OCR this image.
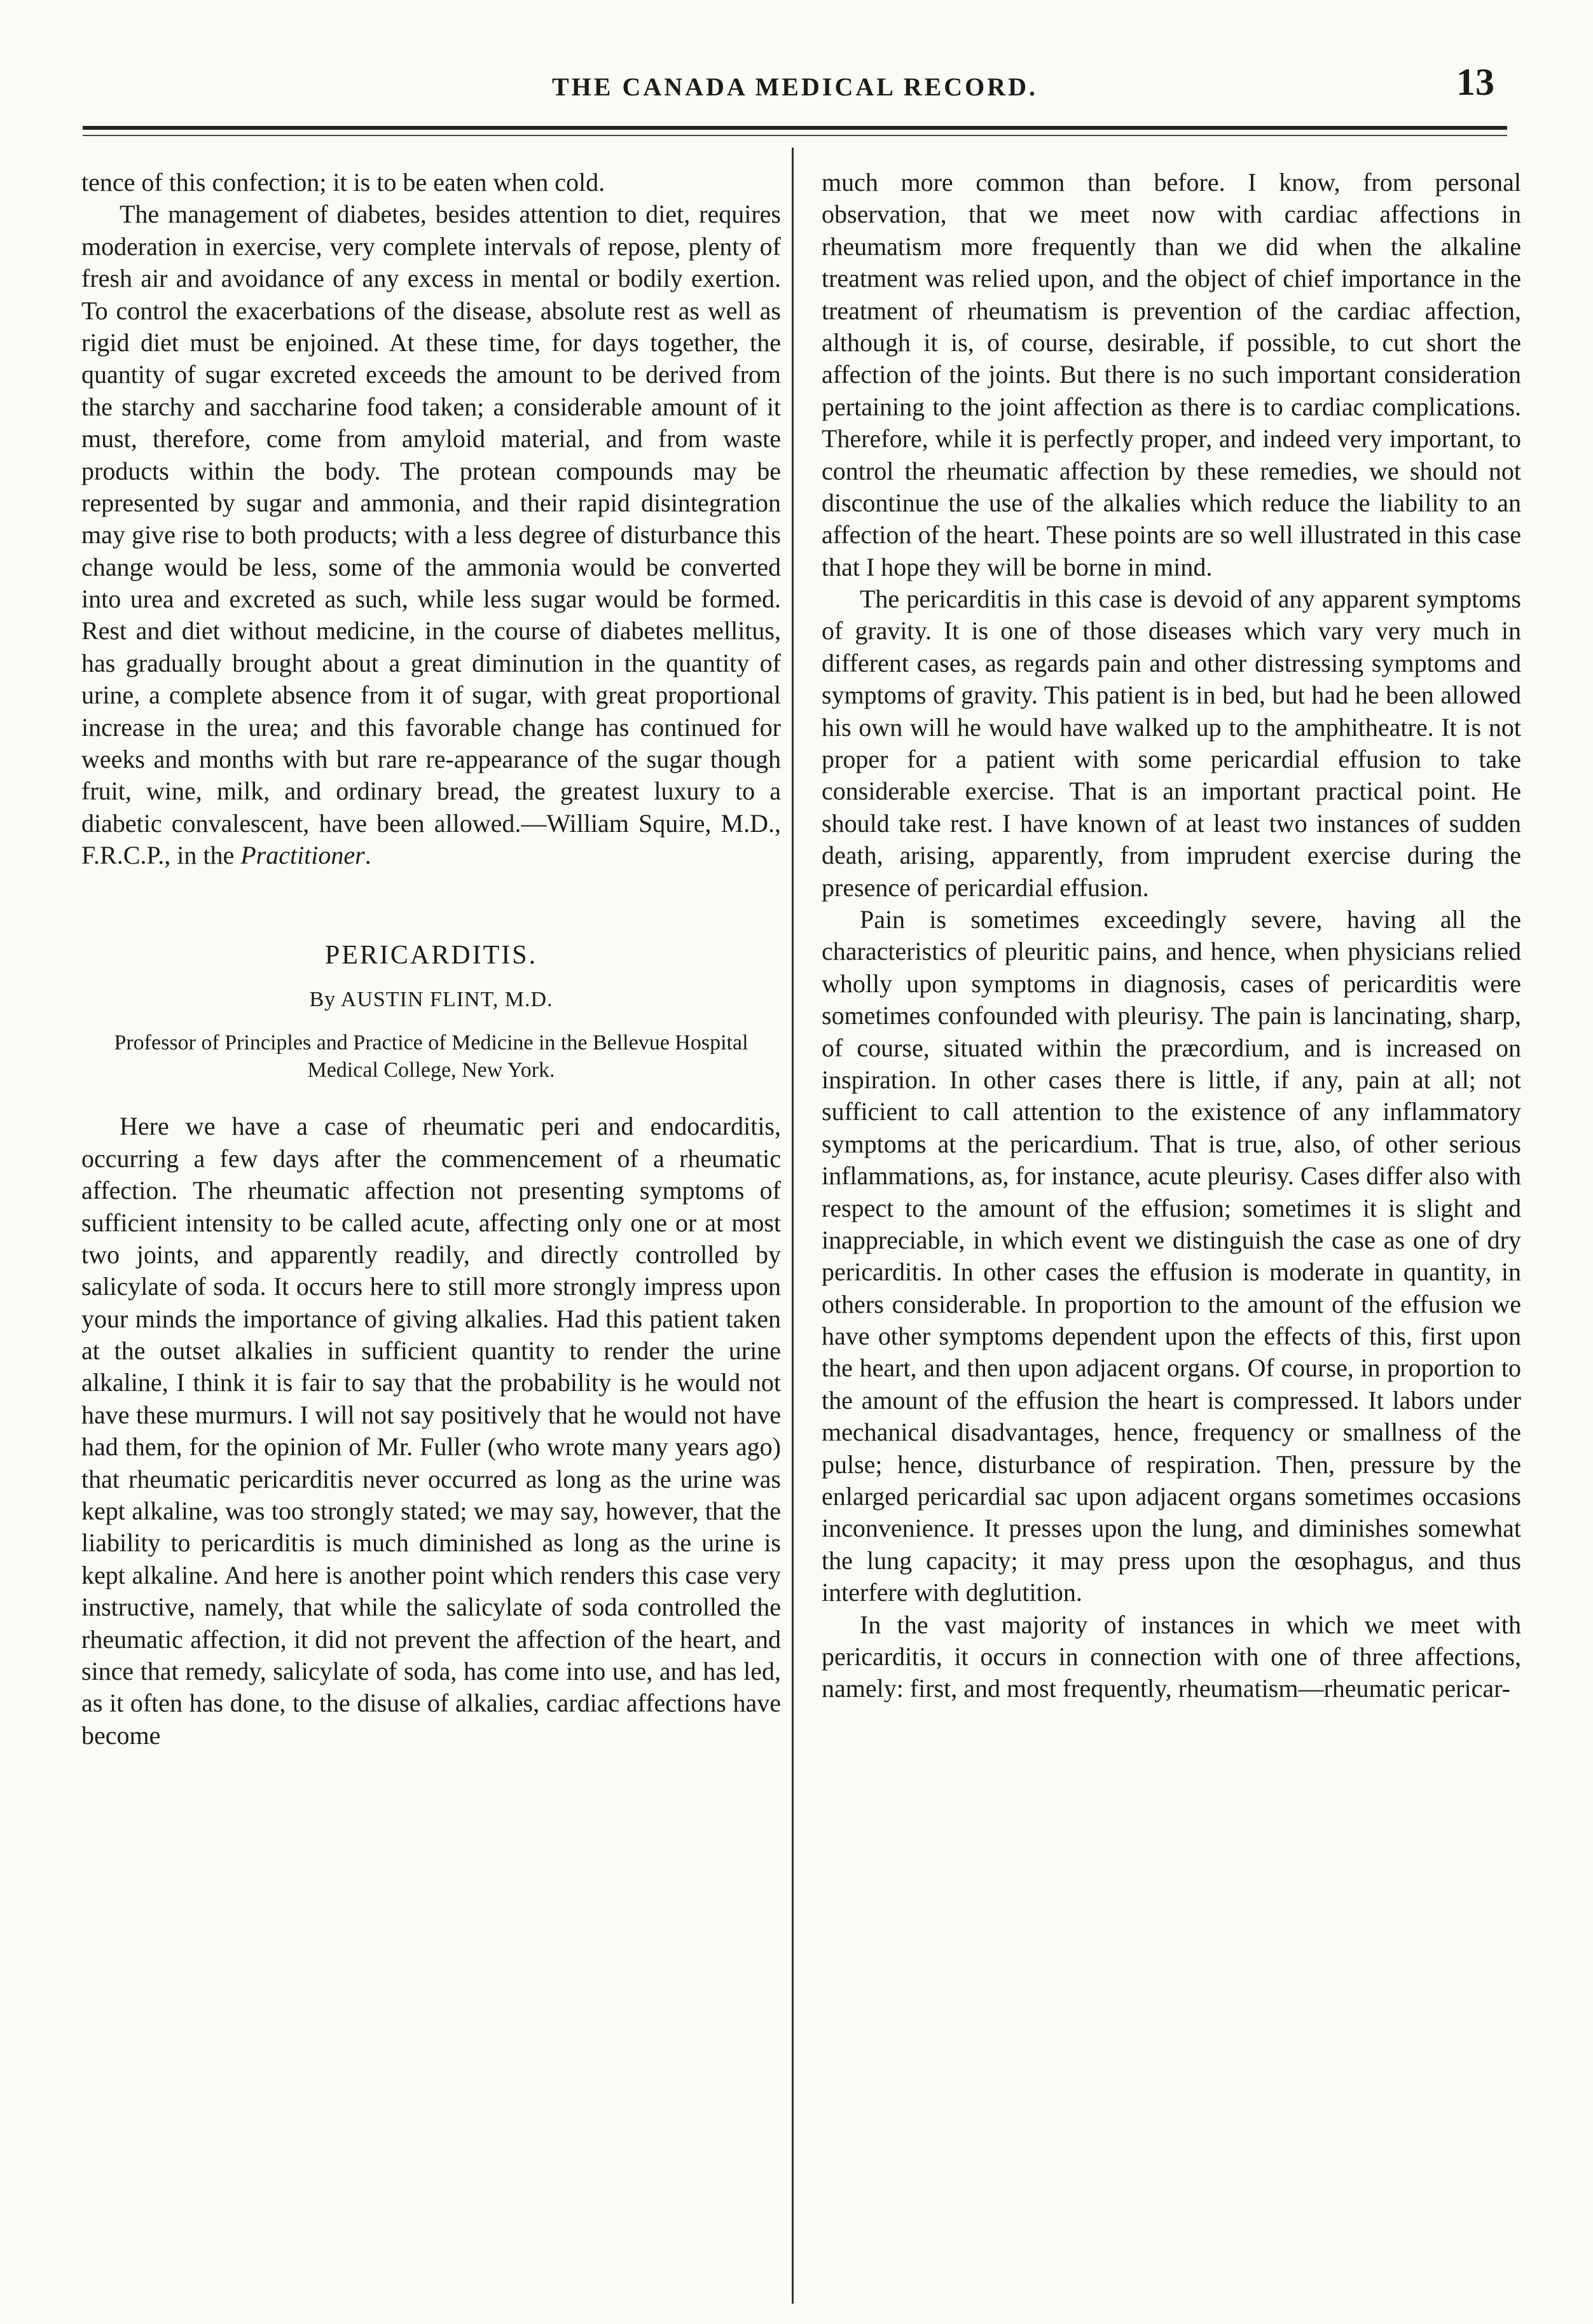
THE CANADA MEDICAL RECORD.	13

tence of this confection; it is to be eaten when cold.

The management of diabetes, besides attention to diet, requires moderation in exercise, very complete intervals of repose, plenty of fresh air and avoidance of any excess in mental or bodily exertion. To control the exacerbations of the disease, absolute rest as well as rigid diet must be enjoined. At these time, for days together, the quantity of sugar excreted exceeds the amount to be derived from the starchy and saccharine food taken; a considerable amount of it must, therefore, come from amyloid material, and from waste products within the body. The protean compounds may be represented by sugar and ammonia, and their rapid disintegration may give rise to both products; with a less degree of disturbance this change would be less, some of the ammonia would be converted into urea and excreted as such, while less sugar would be formed. Rest and diet without medicine, in the course of diabetes mellitus, has gradually brought about a great diminution in the quantity of urine, a complete absence from it of sugar, with great proportional increase in the urea; and this favorable change has continued for weeks and months with but rare re-appearance of the sugar though fruit, wine, milk, and ordinary bread, the greatest luxury to a diabetic convalescent, have been allowed.—William Squire, M.D., F.R.C.P., in the Practitioner.

PERICARDITIS.
By AUSTIN FLINT, M.D.
Professor of Principles and Practice of Medicine in the Bellevue Hospital Medical College, New York.

Here we have a case of rheumatic peri and endocarditis, occurring a few days after the commencement of a rheumatic affection. The rheumatic affection not presenting symptoms of sufficient intensity to be called acute, affecting only one or at most two joints, and apparently readily, and directly controlled by salicylate of soda. It occurs here to still more strongly impress upon your minds the importance of giving alkalies. Had this patient taken at the outset alkalies in sufficient quantity to render the urine alkaline, I think it is fair to say that the probability is he would not have these murmurs. I will not say positively that he would not have had them, for the opinion of Mr. Fuller (who wrote many years ago) that rheumatic pericarditis never occurred as long as the urine was kept alkaline, was too strongly stated; we may say, however, that the liability to pericarditis is much diminished as long as the urine is kept alkaline. And here is another point which renders this case very instructive, namely, that while the salicylate of soda controlled the rheumatic affection, it did not prevent the affection of the heart, and since that remedy, salicylate of soda, has come into use, and has led, as it often has done, to the disuse of alkalies, cardiac affections have become

much more common than before. I know, from personal observation, that we meet now with cardiac affections in rheumatism more frequently than we did when the alkaline treatment was relied upon, and the object of chief importance in the treatment of rheumatism is prevention of the cardiac affection, although it is, of course, desirable, if possible, to cut short the affection of the joints. But there is no such important consideration pertaining to the joint affection as there is to cardiac complications. Therefore, while it is perfectly proper, and indeed very important, to control the rheumatic affection by these remedies, we should not discontinue the use of the alkalies which reduce the liability to an affection of the heart. These points are so well illustrated in this case that I hope they will be borne in mind.

The pericarditis in this case is devoid of any apparent symptoms of gravity. It is one of those diseases which vary very much in different cases, as regards pain and other distressing symptoms and symptoms of gravity. This patient is in bed, but had he been allowed his own will he would have walked up to the amphitheatre. It is not proper for a patient with some pericardial effusion to take considerable exercise. That is an important practical point. He should take rest. I have known of at least two instances of sudden death, arising, apparently, from imprudent exercise during the presence of pericardial effusion.

Pain is sometimes exceedingly severe, having all the characteristics of pleuritic pains, and hence, when physicians relied wholly upon symptoms in diagnosis, cases of pericarditis were sometimes confounded with pleurisy. The pain is lancinating, sharp, of course, situated within the præcordium, and is increased on inspiration. In other cases there is little, if any, pain at all; not sufficient to call attention to the existence of any inflammatory symptoms at the pericardium. That is true, also, of other serious inflammations, as, for instance, acute pleurisy. Cases differ also with respect to the amount of the effusion; sometimes it is slight and inappreciable, in which event we distinguish the case as one of dry pericarditis. In other cases the effusion is moderate in quantity, in others considerable. In proportion to the amount of the effusion we have other symptoms dependent upon the effects of this, first upon the heart, and then upon adjacent organs. Of course, in proportion to the amount of the effusion the heart is compressed. It labors under mechanical disadvantages, hence, frequency or smallness of the pulse; hence, disturbance of respiration. Then, pressure by the enlarged pericardial sac upon adjacent organs sometimes occasions inconvenience. It presses upon the lung, and diminishes somewhat the lung capacity; it may press upon the œsophagus, and thus interfere with deglutition.

In the vast majority of instances in which we meet with pericarditis, it occurs in connection with one of three affections, namely: first, and most frequently, rheumatism—rheumatic pericar-
